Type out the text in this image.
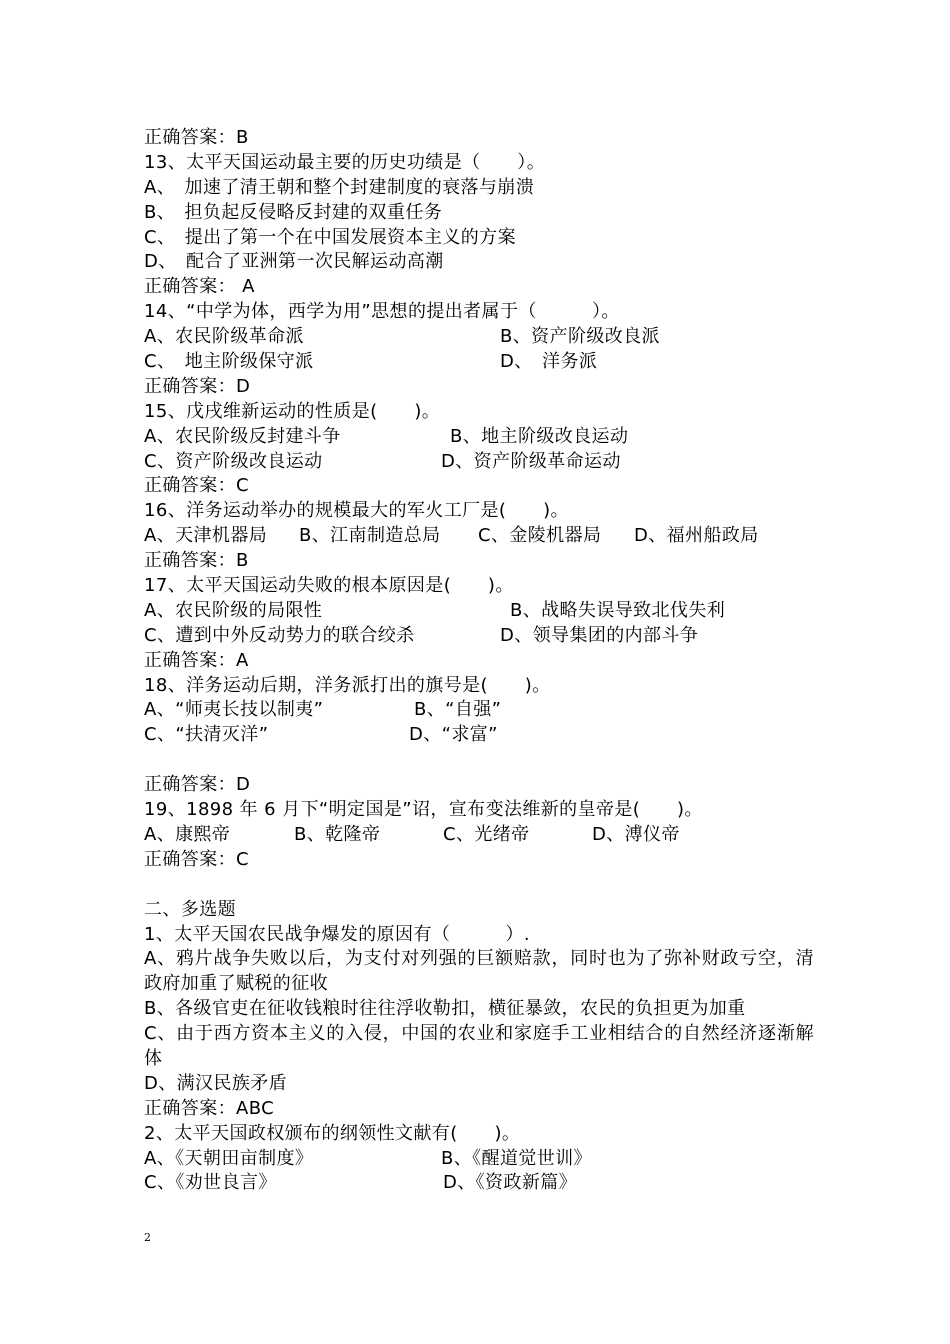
正确答案：B
13、太平天国运动最主要的历史功绩是（　　）。
A、　加速了清王朝和整个封建制度的衰落与崩溃
B、　担负起反侵略反封建的双重任务
C、　提出了第一个在中国发展资本主义的方案
D、　配合了亚洲第一次民解运动高潮
正确答案： A
14、“中学为体，西学为用”思想的提出者属于（　　　）。
A、农民阶级革命派	B、资产阶级改良派
C、　地主阶级保守派	D、　洋务派
正确答案：D
15、戊戌维新运动的性质是(　　)。
A、农民阶级反封建斗争	B、地主阶级改良运动
C、资产阶级改良运动	D、资产阶级革命运动
正确答案：C
16、洋务运动举办的规模最大的军火工厂是(　　)。
A、天津机器局 B、江南制造总局 C、金陵机器局 D、福州船政局
正确答案：B
17、太平天国运动失败的根本原因是(　　)。
A、农民阶级的局限性	B、战略失误导致北伐失利
C、遭到中外反动势力的联合绞杀	D、领导集团的内部斗争
正确答案：A
18、洋务运动后期，洋务派打出的旗号是(　　)。
A、“师夷长技以制夷”	B、“自强”
C、“扶清灭洋”	D、“求富”
正确答案：D
19、1898 年 6 月下“明定国是”诏，宣布变法维新的皇帝是(　　)。
A、康熙帝	B、乾隆帝	C、光绪帝	D、溥仪帝
正确答案：C
二、多选题
1、太平天国农民战争爆发的原因有（　　　）.
A、鸦片战争失败以后，为支付对列强的巨额赔款，同时也为了弥补财政亏空，清政府加重了赋税的征收
B、各级官吏在征收钱粮时往往浮收勒扣，横征暴敛，农民的负担更为加重
C、由于西方资本主义的入侵，中国的农业和家庭手工业相结合的自然经济逐渐解体
D、满汉民族矛盾
正确答案：ABC
2、太平天国政权颁布的纲领性文献有(　　)。
A、《天朝田亩制度》	B、《醒道觉世训》
C、《劝世良言》	D、《资政新篇》
2
